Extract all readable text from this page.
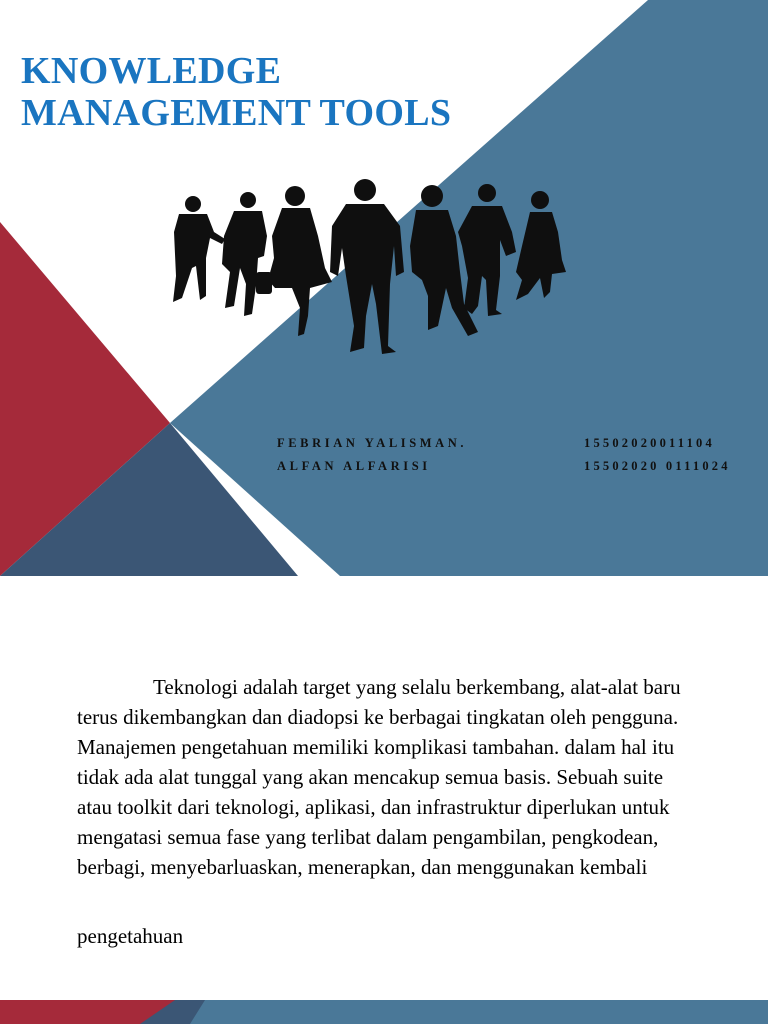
KNOWLEDGE
MANAGEMENT TOOLS
FEBRIAN YALISMAN.	15502020011104
ALFAN ALFARISI	15502020 0111024

Teknologi adalah target yang selalu berkembang, alat-alat baru terus dikembangkan dan diadopsi ke berbagai tingkatan oleh pengguna. Manajemen pengetahuan memiliki komplikasi tambahan. dalam hal itu tidak ada alat tunggal yang akan mencakup semua basis. Sebuah suite atau toolkit dari teknologi, aplikasi, dan infrastruktur diperlukan untuk mengatasi semua fase yang terlibat dalam pengambilan, pengkodean, berbagi, menyebarluaskan, menerapkan, dan menggunakan kembali

pengetahuan
